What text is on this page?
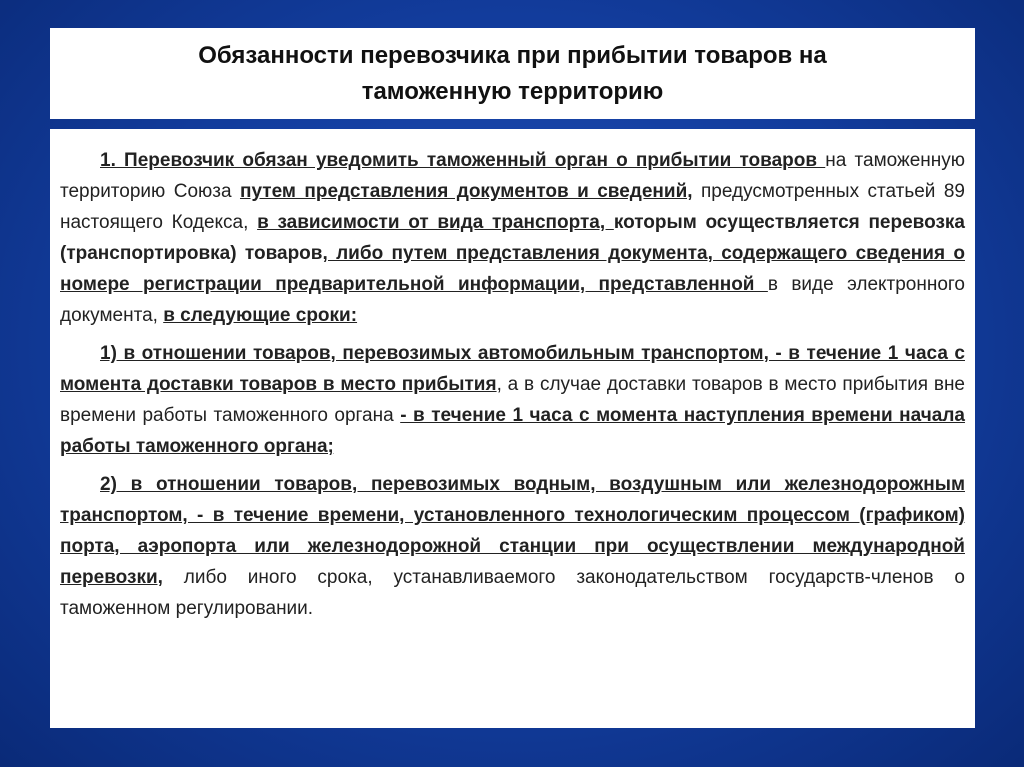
Обязанности перевозчика при прибытии товаров на таможенную территорию

1. Перевозчик обязан уведомить таможенный орган о прибытии товаров на таможенную территорию Союза путем представления документов и сведений, предусмотренных статьей 89 настоящего Кодекса, в зависимости от вида транспорта, которым осуществляется перевозка (транспортировка) товаров, либо путем представления документа, содержащего сведения о номере регистрации предварительной информации, представленной в виде электронного документа, в следующие сроки:

1) в отношении товаров, перевозимых автомобильным транспортом, - в течение 1 часа с момента доставки товаров в место прибытия, а в случае доставки товаров в место прибытия вне времени работы таможенного органа - в течение 1 часа с момента наступления времени начала работы таможенного органа;

2) в отношении товаров, перевозимых водным, воздушным или железнодорожным транспортом, - в течение времени, установленного технологическим процессом (графиком) порта, аэропорта или железнодорожной станции при осуществлении международной перевозки, либо иного срока, устанавливаемого законодательством государств-членов о таможенном регулировании.
